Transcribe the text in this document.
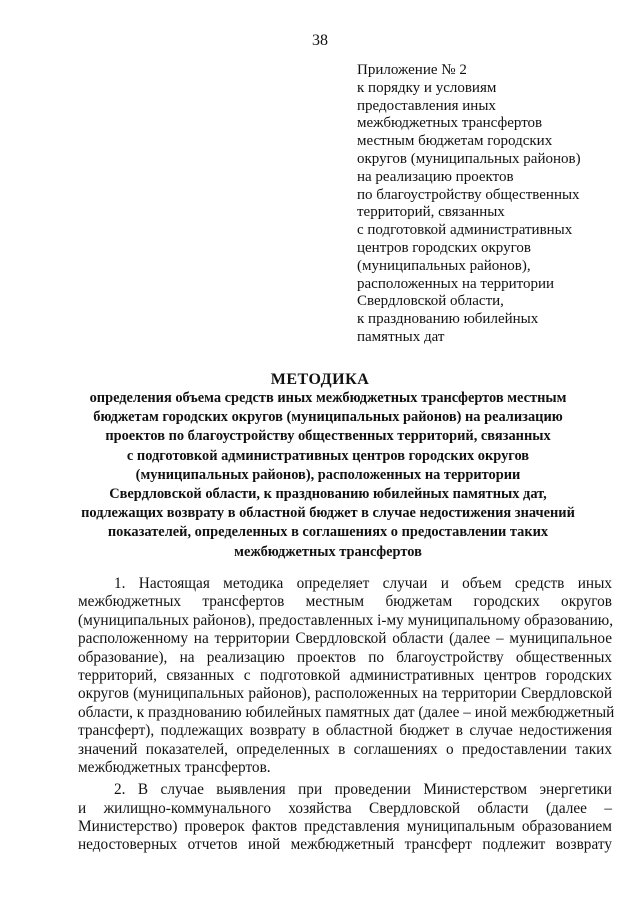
38
Приложение № 2
к порядку и условиям
предоставления иных
межбюджетных трансфертов
местным бюджетам городских
округов (муниципальных районов)
на реализацию проектов
по благоустройству общественных
территорий, связанных
с подготовкой административных
центров городских округов
(муниципальных районов),
расположенных на территории
Свердловской области,
к празднованию юбилейных
памятных дат
МЕТОДИКА
определения объема средств иных межбюджетных трансфертов местным
бюджетам городских округов (муниципальных районов) на реализацию
проектов по благоустройству общественных территорий, связанных
с подготовкой административных центров городских округов
(муниципальных районов), расположенных на территории
Свердловской области, к празднованию юбилейных памятных дат,
подлежащих возврату в областной бюджет в случае недостижения значений
показателей, определенных в соглашениях о предоставлении таких
межбюджетных трансфертов
1. Настоящая методика определяет случаи и объем средств иных
межбюджетных трансфертов местным бюджетам городских округов
(муниципальных районов), предоставленных i-му муниципальному образованию,
расположенному на территории Свердловской области (далее – муниципальное
образование), на реализацию проектов по благоустройству общественных
территорий, связанных с подготовкой административных центров городских
округов (муниципальных районов), расположенных на территории Свердловской
области, к празднованию юбилейных памятных дат (далее – иной межбюджетный
трансферт), подлежащих возврату в областной бюджет в случае недостижения
значений показателей, определенных в соглашениях о предоставлении таких
межбюджетных трансфертов.
2. В случае выявления при проведении Министерством энергетики
и жилищно-коммунального хозяйства Свердловской области (далее –
Министерство) проверок фактов представления муниципальным образованием
недостоверных отчетов иной межбюджетный трансферт подлежит возврату
